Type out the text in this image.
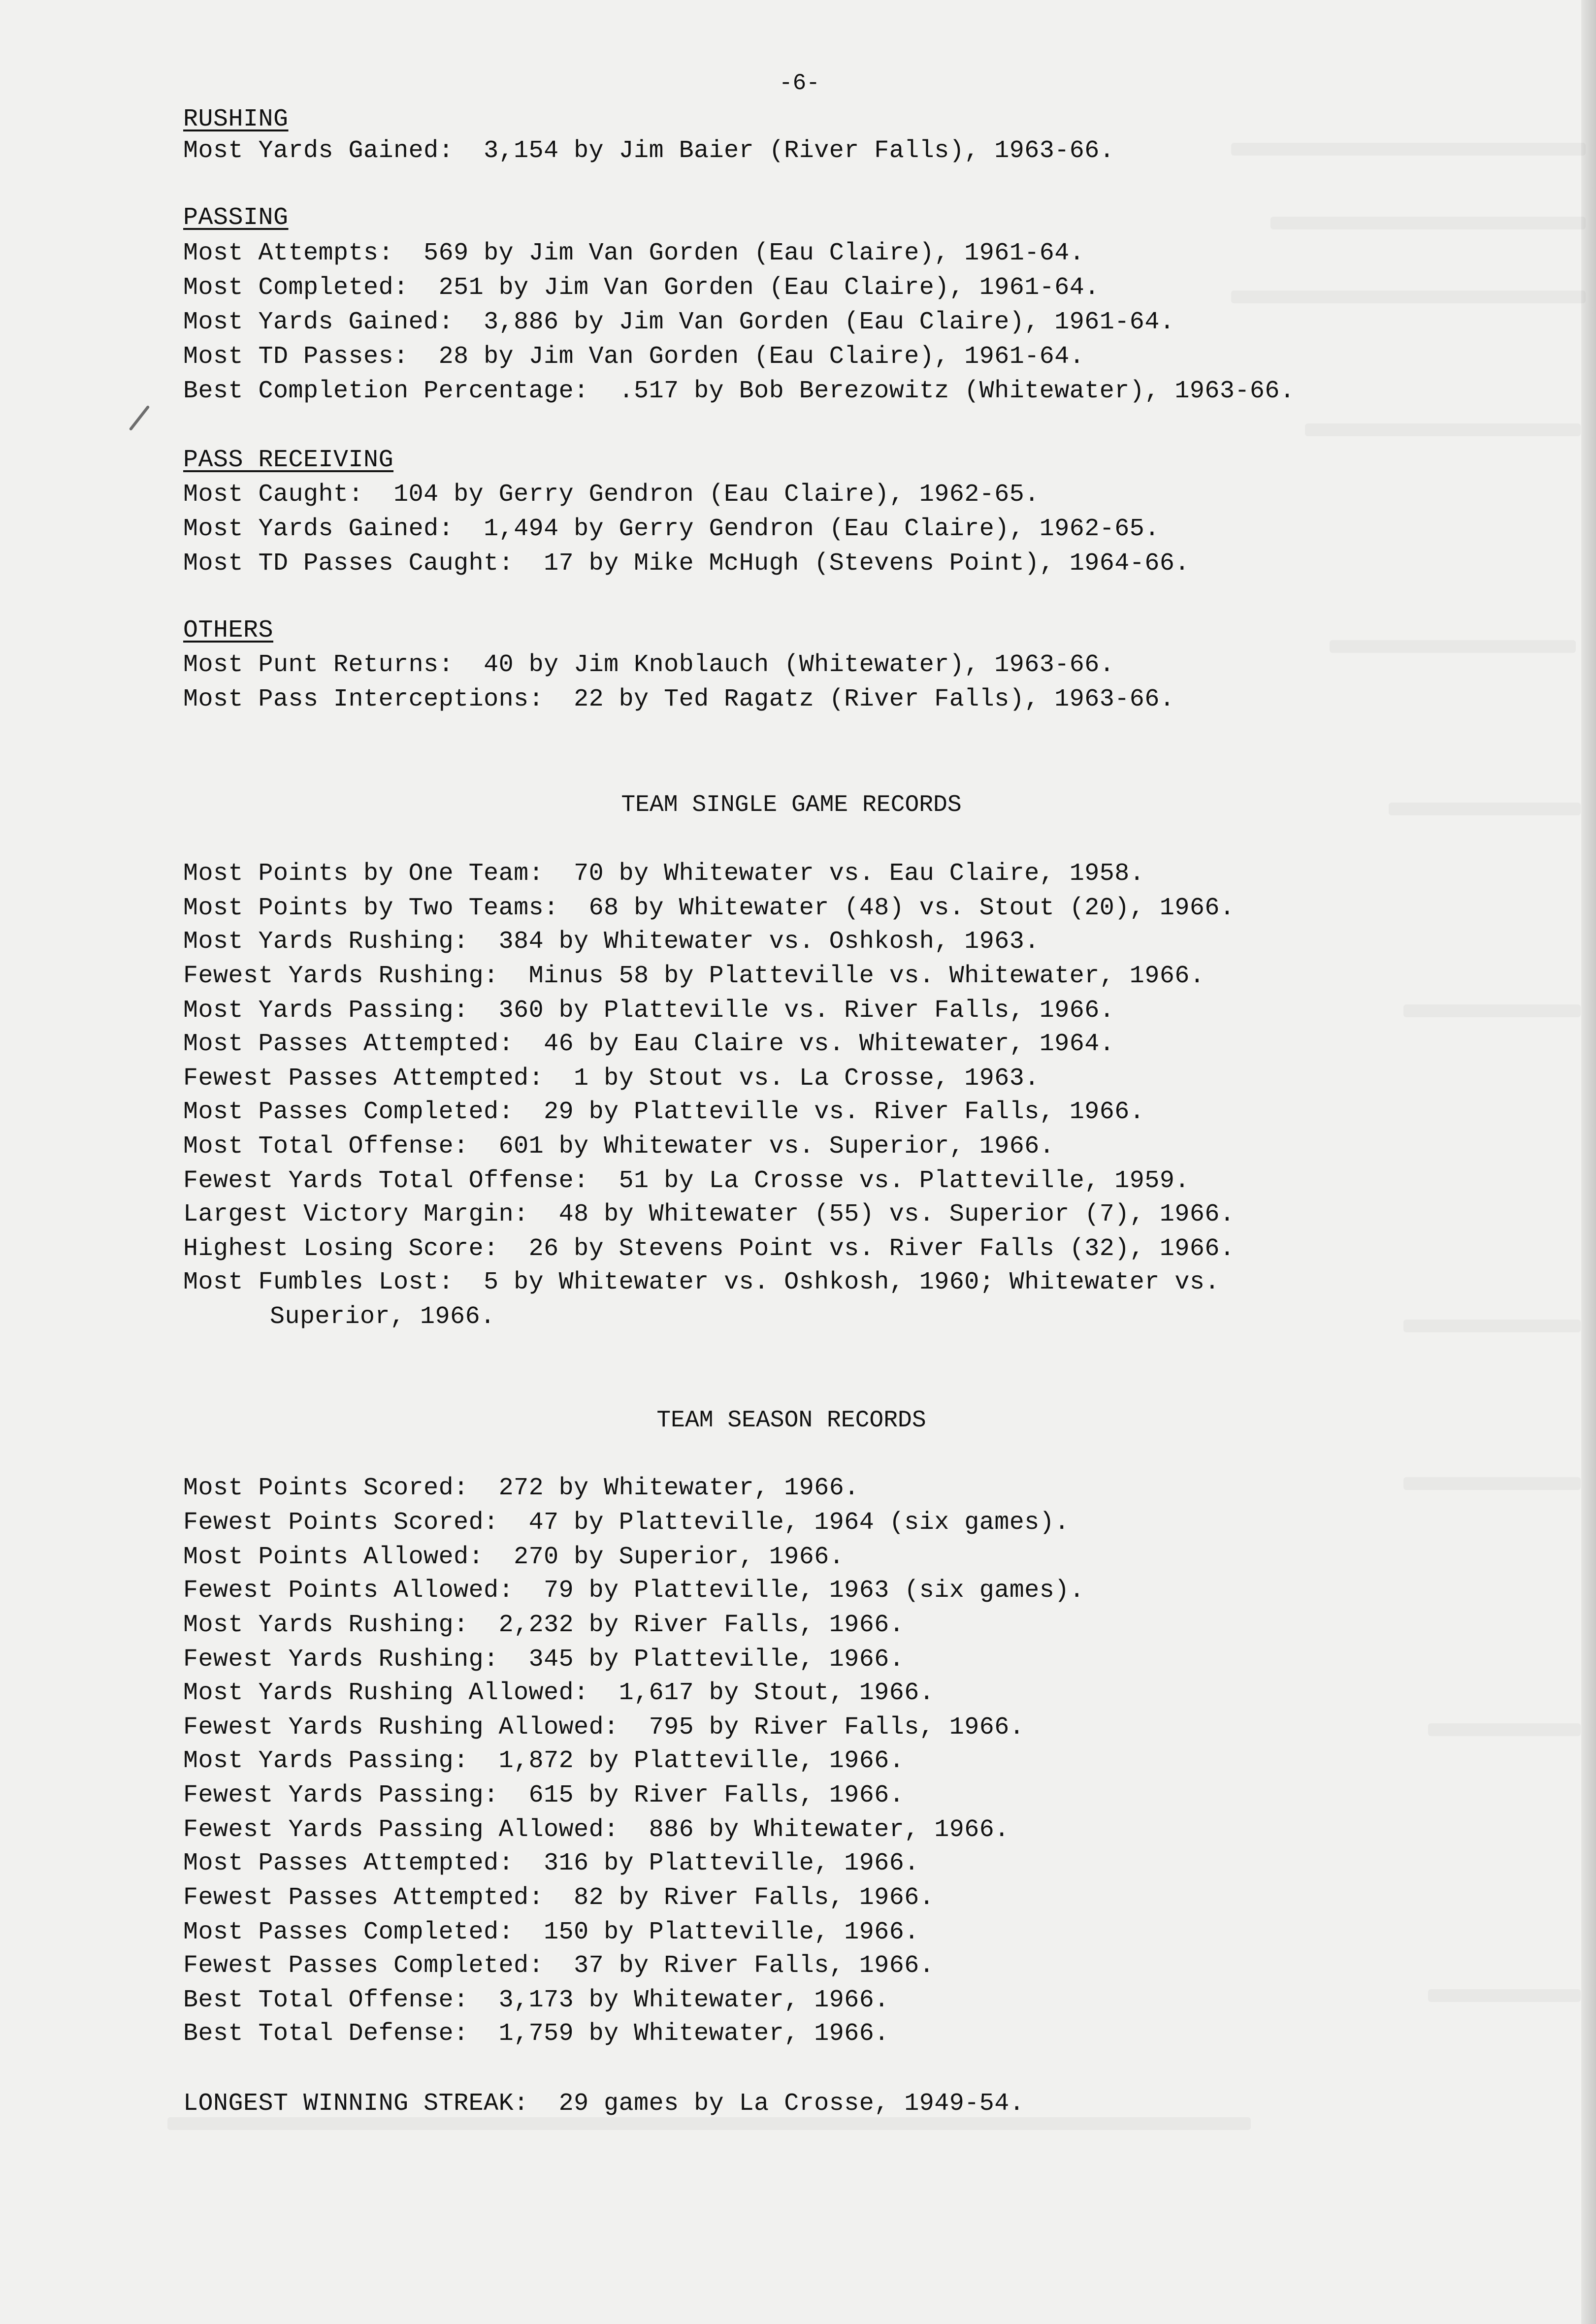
-6-
RUSHING
Most Yards Gained:  3,154 by Jim Baier (River Falls), 1963-66.
PASSING
Most Attempts:  569 by Jim Van Gorden (Eau Claire), 1961-64.
Most Completed:  251 by Jim Van Gorden (Eau Claire), 1961-64.
Most Yards Gained:  3,886 by Jim Van Gorden (Eau Claire), 1961-64.
Most TD Passes:  28 by Jim Van Gorden (Eau Claire), 1961-64.
Best Completion Percentage:  .517 by Bob Berezowitz (Whitewater), 1963-66.
PASS RECEIVING
Most Caught:  104 by Gerry Gendron (Eau Claire), 1962-65.
Most Yards Gained:  1,494 by Gerry Gendron (Eau Claire), 1962-65.
Most TD Passes Caught:  17 by Mike McHugh (Stevens Point), 1964-66.
OTHERS
Most Punt Returns:  40 by Jim Knoblauch (Whitewater), 1963-66.
Most Pass Interceptions:  22 by Ted Ragatz (River Falls), 1963-66.
TEAM SINGLE GAME RECORDS
Most Points by One Team:  70 by Whitewater vs. Eau Claire, 1958.
Most Points by Two Teams:  68 by Whitewater (48) vs. Stout (20), 1966.
Most Yards Rushing:  384 by Whitewater vs. Oshkosh, 1963.
Fewest Yards Rushing:  Minus 58 by Platteville vs. Whitewater, 1966.
Most Yards Passing:  360 by Platteville vs. River Falls, 1966.
Most Passes Attempted:  46 by Eau Claire vs. Whitewater, 1964.
Fewest Passes Attempted:  1 by Stout vs. La Crosse, 1963.
Most Passes Completed:  29 by Platteville vs. River Falls, 1966.
Most Total Offense:  601 by Whitewater vs. Superior, 1966.
Fewest Yards Total Offense:  51 by La Crosse vs. Platteville, 1959.
Largest Victory Margin:  48 by Whitewater (55) vs. Superior (7), 1966.
Highest Losing Score:  26 by Stevens Point vs. River Falls (32), 1966.
Most Fumbles Lost:  5 by Whitewater vs. Oshkosh, 1960; Whitewater vs.
Superior, 1966.
TEAM SEASON RECORDS
Most Points Scored:  272 by Whitewater, 1966.
Fewest Points Scored:  47 by Platteville, 1964 (six games).
Most Points Allowed:  270 by Superior, 1966.
Fewest Points Allowed:  79 by Platteville, 1963 (six games).
Most Yards Rushing:  2,232 by River Falls, 1966.
Fewest Yards Rushing:  345 by Platteville, 1966.
Most Yards Rushing Allowed:  1,617 by Stout, 1966.
Fewest Yards Rushing Allowed:  795 by River Falls, 1966.
Most Yards Passing:  1,872 by Platteville, 1966.
Fewest Yards Passing:  615 by River Falls, 1966.
Fewest Yards Passing Allowed:  886 by Whitewater, 1966.
Most Passes Attempted:  316 by Platteville, 1966.
Fewest Passes Attempted:  82 by River Falls, 1966.
Most Passes Completed:  150 by Platteville, 1966.
Fewest Passes Completed:  37 by River Falls, 1966.
Best Total Offense:  3,173 by Whitewater, 1966.
Best Total Defense:  1,759 by Whitewater, 1966.
LONGEST WINNING STREAK:  29 games by La Crosse, 1949-54.
